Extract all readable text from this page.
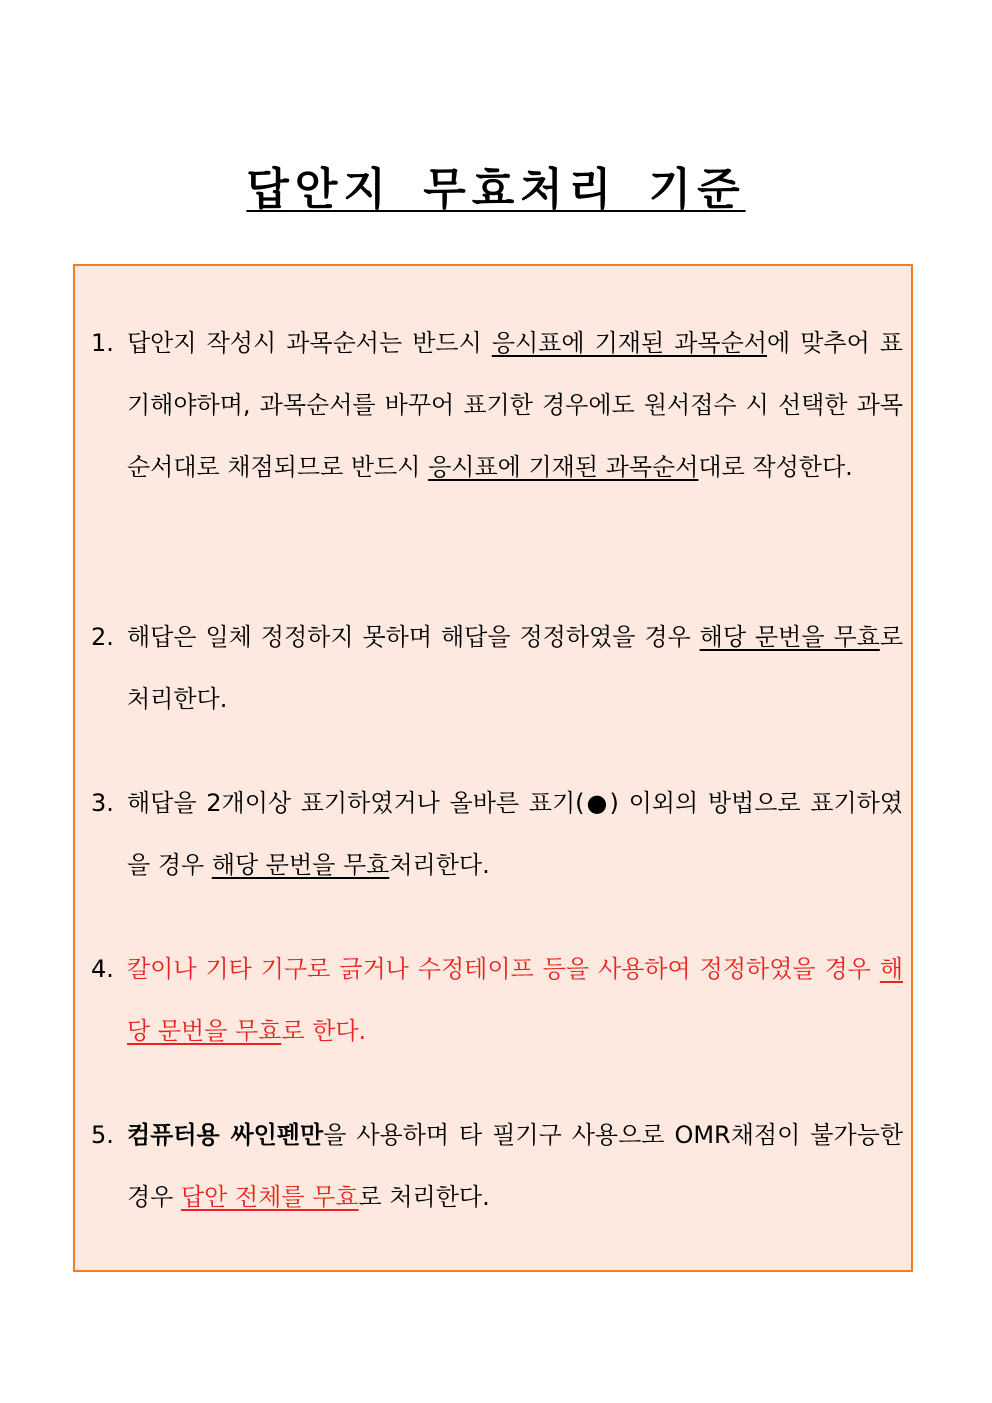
답안지 무효처리 기준
1. 답안지 작성시 과목순서는 반드시 응시표에 기재된 과목순서에 맞추어 표기해야하며, 과목순서를 바꾸어 표기한 경우에도 원서접수 시 선택한 과목순서대로 채점되므로 반드시 응시표에 기재된 과목순서대로 작성한다.
2. 해답은 일체 정정하지 못하며 해답을 정정하였을 경우 해당 문번을 무효로 처리한다.
3. 해답을 2개이상 표기하였거나 올바른 표기(●) 이외의 방법으로 표기하였을 경우 해당 문번을 무효처리한다.
4. 칼이나 기타 기구로 긁거나 수정테이프 등을 사용하여 정정하였을 경우 해당 문번을 무효로 한다.
5. 컴퓨터용 싸인펜만을 사용하며 타 필기구 사용으로 OMR채점이 불가능한 경우 답안 전체를 무효로 처리한다.
